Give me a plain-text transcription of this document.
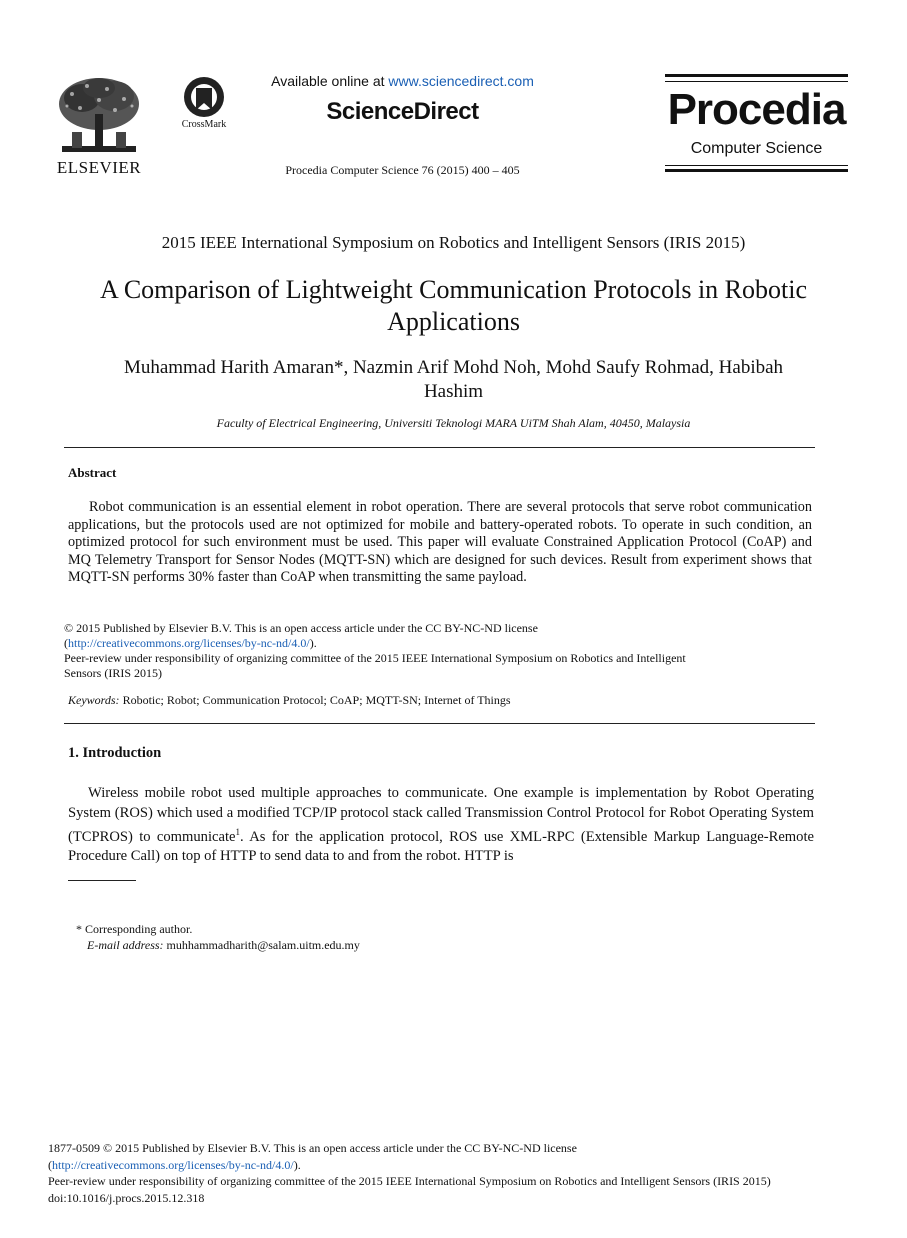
ELSEVIER
CrossMark
Available online at www.sciencedirect.com
ScienceDirect
Procedia Computer Science 76 (2015) 400 – 405
Procedia
Computer Science
2015 IEEE International Symposium on Robotics and Intelligent Sensors (IRIS 2015)
A Comparison of Lightweight Communication Protocols in Robotic
Applications
Muhammad Harith Amaran*, Nazmin Arif Mohd Noh, Mohd Saufy Rohmad, Habibah
Hashim
Faculty of Electrical Engineering, Universiti Teknologi MARA UiTM Shah Alam, 40450, Malaysia
Abstract

Robot communication is an essential element in robot operation. There are several protocols that serve robot communication applications, but the protocols used are not optimized for mobile and battery-operated robots. To operate in such condition, an optimized protocol for such environment must be used. This paper will evaluate Constrained Application Protocol (CoAP) and MQ Telemetry Transport for Sensor Nodes (MQTT-SN) which are designed for such devices. Result from experiment shows that MQTT-SN performs 30% faster than CoAP when transmitting the same payload.

© 2015 Published by Elsevier B.V. This is an open access article under the CC BY-NC-ND license
(http://creativecommons.org/licenses/by-nc-nd/4.0/).
Peer-review under responsibility of organizing committee of the 2015 IEEE International Symposium on Robotics and Intelligent
Sensors (IRIS 2015)
Keywords: Robotic; Robot; Communication Protocol; CoAP; MQTT-SN; Internet of Things
1. Introduction

Wireless mobile robot used multiple approaches to communicate. One example is implementation by Robot Operating System (ROS) which used a modified TCP/IP protocol stack called Transmission Control Protocol for Robot Operating System (TCPROS) to communicate$^1$. As for the application protocol, ROS use XML-RPC (Extensible Markup Language-Remote Procedure Call) on top of HTTP to send data to and from the robot. HTTP is

* Corresponding author.
E-mail address: muhhammadharith@salam.uitm.edu.my
1877-0509 © 2015 Published by Elsevier B.V. This is an open access article under the CC BY-NC-ND license
(http://creativecommons.org/licenses/by-nc-nd/4.0/).
Peer-review under responsibility of organizing committee of the 2015 IEEE International Symposium on Robotics and Intelligent Sensors (IRIS 2015)
doi:10.1016/j.procs.2015.12.318
